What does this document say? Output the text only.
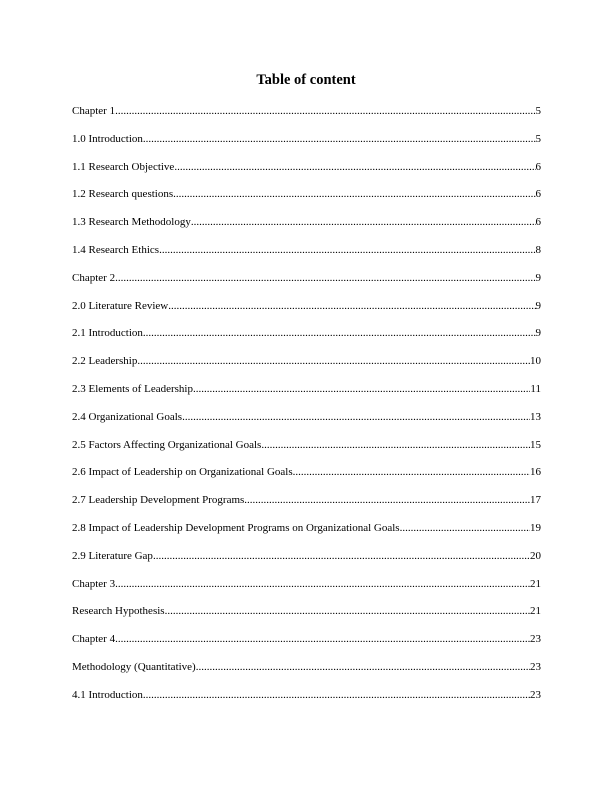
Table of content
Chapter 1 .....	5
1.0 Introduction .....	5
1.1 Research Objective .....	6
1.2 Research questions .....	6
1.3 Research Methodology .....	6
1.4 Research Ethics .....	8
Chapter 2 .....	9
2.0 Literature Review .....	9
2.1 Introduction .....	9
2.2 Leadership .....	10
2.3 Elements of Leadership .....	11
2.4 Organizational Goals .....	13
2.5 Factors Affecting Organizational Goals .....	15
2.6 Impact of Leadership on Organizational Goals .....	16
2.7 Leadership Development Programs .....	17
2.8 Impact of Leadership Development Programs on Organizational Goals .....	19
2.9 Literature Gap .....	20
Chapter 3 .....	21
Research Hypothesis .....	21
Chapter 4 .....	23
Methodology (Quantitative) .....	23
4.1 Introduction .....	23
